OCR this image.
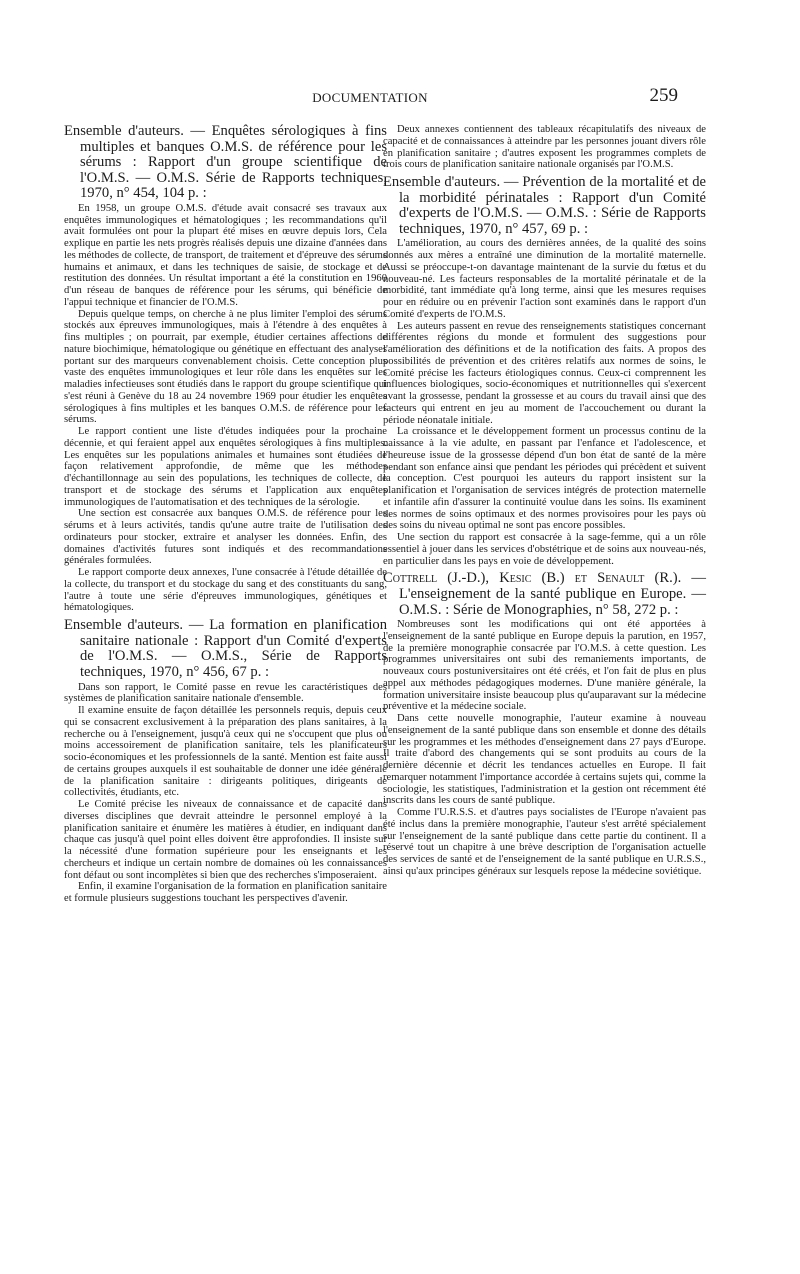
DOCUMENTATION	259

Ensemble d'auteurs. — Enquêtes sérologiques à fins multiples et banques O.M.S. de référence pour les sérums : Rapport d'un groupe scientifique de l'O.M.S. — O.M.S. Série de Rapports techniques, 1970, n° 454, 104 p. :

En 1958, un groupe O.M.S. d'étude avait consacré ses travaux aux enquêtes immunologiques et hématologiques ; les recommandations qu'il avait formulées ont pour la plupart été mises en œuvre depuis lors, Cela explique en partie les nets progrès réalisés depuis une dizaine d'années dans les méthodes de collecte, de transport, de traitement et d'épreuve des sérums humains et animaux, et dans les techniques de saisie, de stockage et de restitution des données. Un résultat important a été la constitution en 1960 d'un réseau de banques de référence pour les sérums, qui bénéficie de l'appui technique et financier de l'O.M.S.

Depuis quelque temps, on cherche à ne plus limiter l'emploi des sérums stockés aux épreuves immunologiques, mais à l'étendre à des enquêtes à fins multiples ; on pourrait, par exemple, étudier certaines affections de nature biochimique, hématologique ou génétique en effectuant des analyses portant sur des marqueurs convenablement choisis. Cette conception plus vaste des enquêtes immunologiques et leur rôle dans les enquêtes sur les maladies infectieuses sont étudiés dans le rapport du groupe scientifique qui s'est réuni à Genève du 18 au 24 novembre 1969 pour étudier les enquêtes sérologiques à fins multiples et les banques O.M.S. de référence pour les sérums.

Le rapport contient une liste d'études indiquées pour la prochaine décennie, et qui feraient appel aux enquêtes sérologiques à fins multiples. Les enquêtes sur les populations animales et humaines sont étudiées de façon relativement approfondie, de même que les méthodes d'échantillonnage au sein des populations, les techniques de collecte, de transport et de stockage des sérums et l'application aux enquêtes immunologiques de l'automatisation et des techniques de la sérologie.

Une section est consacrée aux banques O.M.S. de référence pour les sérums et à leurs activités, tandis qu'une autre traite de l'utilisation des ordinateurs pour stocker, extraire et analyser les données. Enfin, des domaines d'activités futures sont indiqués et des recommandations générales formulées.

Le rapport comporte deux annexes, l'une consacrée à l'étude détaillée de la collecte, du transport et du stockage du sang et des constituants du sang, l'autre à toute une série d'épreuves immunologiques, génétiques et hématologiques.

Ensemble d'auteurs. — La formation en planification sanitaire nationale : Rapport d'un Comité d'experts de l'O.M.S. — O.M.S., Série de Rapports techniques, 1970, n° 456, 67 p. :

Dans son rapport, le Comité passe en revue les caractéristiques des systèmes de planification sanitaire nationale d'ensemble.

Il examine ensuite de façon détaillée les personnels requis, depuis ceux qui se consacrent exclusivement à la préparation des plans sanitaires, à la recherche ou à l'enseignement, jusqu'à ceux qui ne s'occupent que plus ou moins accessoirement de planification sanitaire, tels les planificateurs socio-économiques et les professionnels de la santé. Mention est faite aussi de certains groupes auxquels il est souhaitable de donner une idée générale de la planification sanitaire : dirigeants politiques, dirigeants de collectivités, étudiants, etc.

Le Comité précise les niveaux de connaissance et de capacité dans diverses disciplines que devrait atteindre le personnel employé à la planification sanitaire et énumère les matières à étudier, en indiquant dans chaque cas jusqu'à quel point elles doivent être approfondies. Il insiste sur la nécessité d'une formation supérieure pour les enseignants et les chercheurs et indique un certain nombre de domaines où les connaissances font défaut ou sont incomplètes si bien que des recherches s'imposeraient.

Enfin, il examine l'organisation de la formation en planification sanitaire et formule plusieurs suggestions touchant les perspectives d'avenir.

Deux annexes contiennent des tableaux récapitulatifs des niveaux de capacité et de connaissances à atteindre par les personnes jouant divers rôle en planification sanitaire ; d'autres exposent les programmes complets de trois cours de planification sanitaire nationale organisés par l'O.M.S.

Ensemble d'auteurs. — Prévention de la mortalité et de la morbidité périnatales : Rapport d'un Comité d'experts de l'O.M.S. — O.M.S. : Série de Rapports techniques, 1970, n° 457, 69 p. :

L'amélioration, au cours des dernières années, de la qualité des soins donnés aux mères a entraîné une diminution de la mortalité maternelle. Aussi se préoccupe-t-on davantage maintenant de la survie du fœtus et du nouveau-né. Les facteurs responsables de la mortalité périnatale et de la morbidité, tant immédiate qu'à long terme, ainsi que les mesures requises pour en réduire ou en prévenir l'action sont examinés dans le rapport d'un Comité d'experts de l'O.M.S.

Les auteurs passent en revue des renseignements statistiques concernant différentes régions du monde et formulent des suggestions pour l'amélioration des définitions et de la notification des faits. A propos des possibilités de prévention et des critères relatifs aux normes de soins, le Comité précise les facteurs étiologiques connus. Ceux-ci comprennent les influences biologiques, socio-économiques et nutritionnelles qui s'exercent avant la grossesse, pendant la grossesse et au cours du travail ainsi que des facteurs qui entrent en jeu au moment de l'accouchement ou durant la période néonatale initiale.

La croissance et le développement forment un processus continu de la naissance à la vie adulte, en passant par l'enfance et l'adolescence, et l'heureuse issue de la grossesse dépend d'un bon état de santé de la mère pendant son enfance ainsi que pendant les périodes qui précèdent et suivent la conception. C'est pourquoi les auteurs du rapport insistent sur la planification et l'organisation de services intégrés de protection maternelle et infantile afin d'assurer la continuité voulue dans les soins. Ils examinent des normes de soins optimaux et des normes provisoires pour les pays où des soins du niveau optimal ne sont pas encore possibles.

Une section du rapport est consacrée à la sage-femme, qui a un rôle essentiel à jouer dans les services d'obstétrique et de soins aux nouveau-nés, en particulier dans les pays en voie de développement.

Cottrell (J.-D.), Kesic (B.) et Senault (R.). — L'enseignement de la santé publique en Europe. — O.M.S. : Série de Monographies, n° 58, 272 p. :

Nombreuses sont les modifications qui ont été apportées à l'enseignement de la santé publique en Europe depuis la parution, en 1957, de la première monographie consacrée par l'O.M.S. à cette question. Les programmes universitaires ont subi des remaniements importants, de nouveaux cours postuniversitaires ont été créés, et l'on fait de plus en plus appel aux méthodes pédagogiques modernes. D'une manière générale, la formation universitaire insiste beaucoup plus qu'auparavant sur la médecine préventive et la médecine sociale.

Dans cette nouvelle monographie, l'auteur examine à nouveau l'enseignement de la santé publique dans son ensemble et donne des détails sur les programmes et les méthodes d'enseignement dans 27 pays d'Europe. Il traite d'abord des changements qui se sont produits au cours de la dernière décennie et décrit les tendances actuelles en Europe. Il fait remarquer notamment l'importance accordée à certains sujets qui, comme la sociologie, les statistiques, l'administration et la gestion ont récemment été inscrits dans les cours de santé publique.

Comme l'U.R.S.S. et d'autres pays socialistes de l'Europe n'avaient pas été inclus dans la première monographie, l'auteur s'est arrêté spécialement sur l'enseignement de la santé publique dans cette partie du continent. Il a réservé tout un chapitre à une brève description de l'organisation actuelle des services de santé et de l'enseignement de la santé publique en U.R.S.S., ainsi qu'aux principes généraux sur lesquels repose la médecine soviétique.
